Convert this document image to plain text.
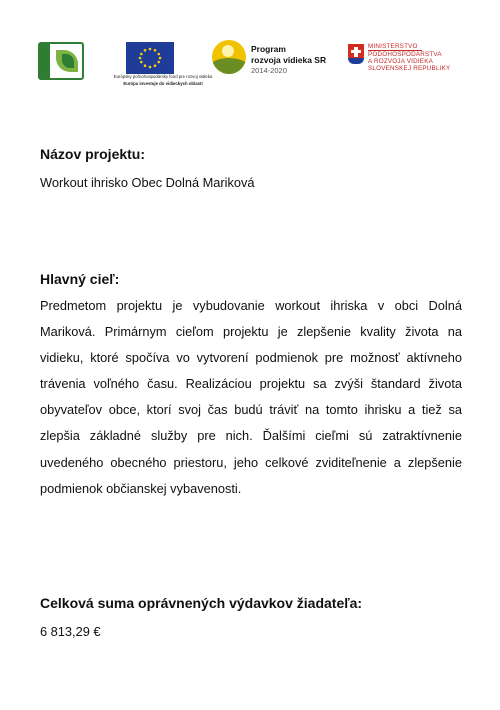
Európsky poľnohospodársky fond pre rozvoj vidieka
Európa investuje do vidieckych oblastí
Program
rozvoja vidieka SR
2014-2020
MINISTERSTVO
PÔDOHOSPODÁRSTVA
A ROZVOJA VIDIEKA
SLOVENSKEJ REPUBLIKY
Názov projektu:
Workout ihrisko Obec Dolná Mariková
Hlavný cieľ:
Predmetom projektu je vybudovanie workout ihriska v obci Dolná Mariková. Primárnym cieľom projektu je zlepšenie kvality života na vidieku, ktoré spočíva vo vytvorení podmienok pre možnosť aktívneho trávenia voľného času. Realizáciou projektu sa zvýši štandard života obyvateľov obce, ktorí svoj čas budú tráviť na tomto ihrisku a tiež sa zlepšia základné služby pre nich. Ďalšími cieľmi sú zatraktívnenie uvedeného obecného priestoru, jeho celkové zviditeľnenie a zlepšenie podmienok občianskej vybavenosti.
Celková suma oprávnených výdavkov žiadateľa:
6 813,29 €
